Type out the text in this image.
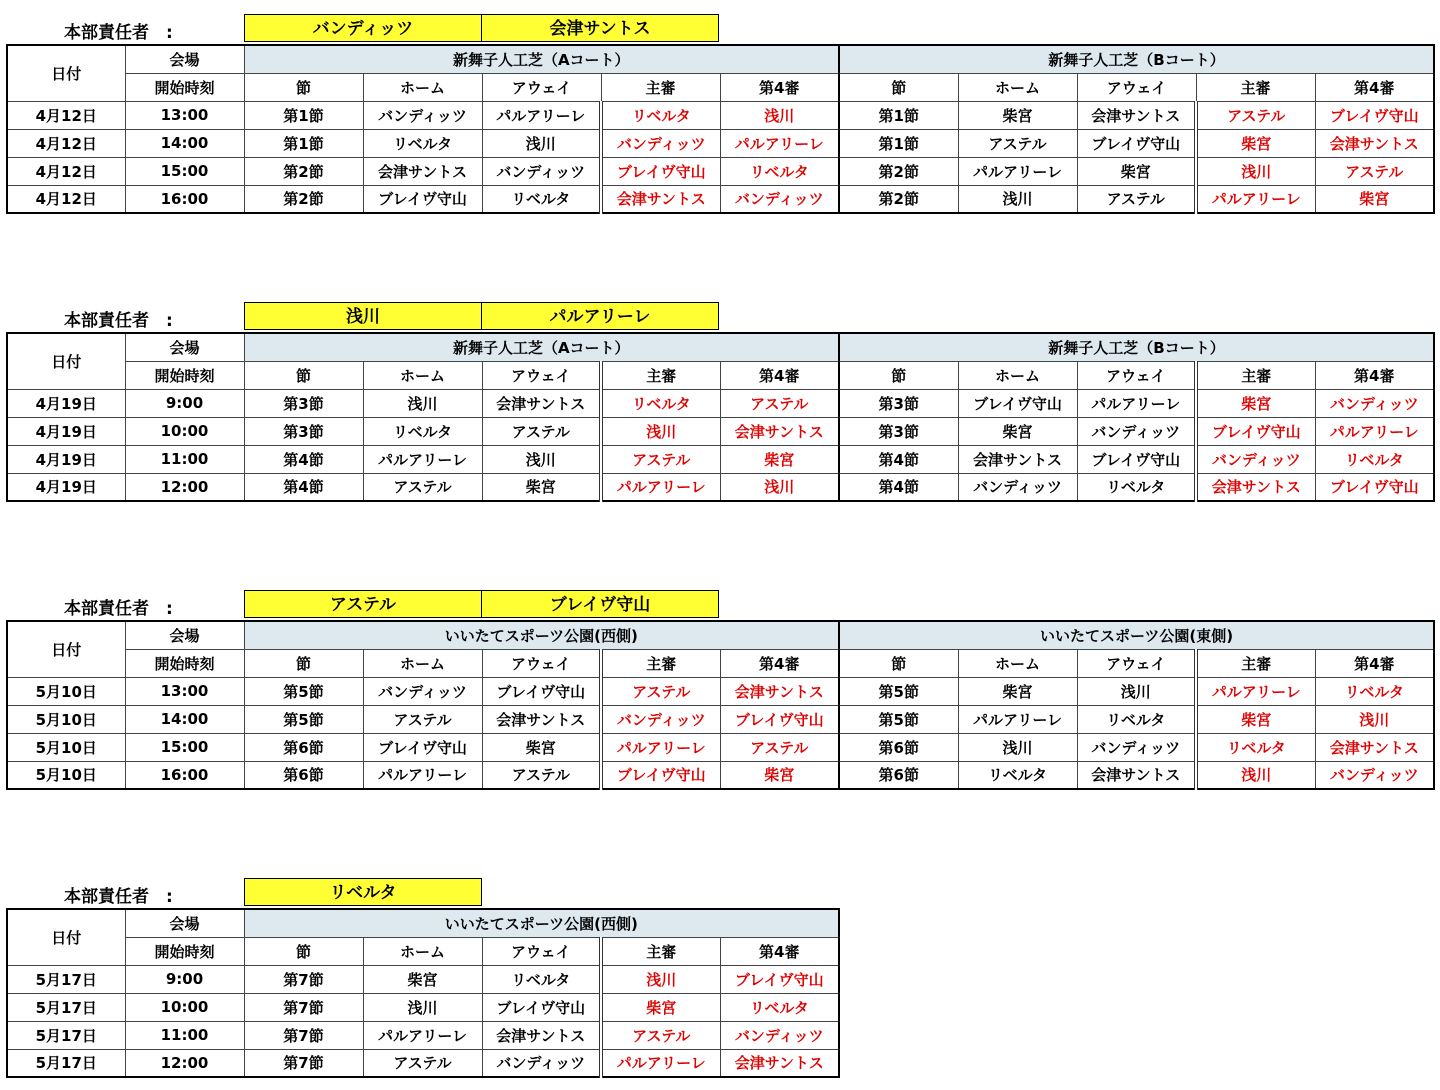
本部責任者　:	バンディッツ	会津サントス
日付	会場	新舞子人工芝（Aコート）					新舞子人工芝（Bコート）				
	開始時刻	節	ホーム	アウェイ	主審	第4審	節	ホーム	アウェイ	主審	第4審
4月12日	13:00	第1節	バンディッツ	パルアリーレ	リベルタ	浅川	第1節	柴宮	会津サントス	アステル	ブレイヴ守山
4月12日	14:00	第1節	リベルタ	浅川	バンディッツ	パルアリーレ	第1節	アステル	ブレイヴ守山	柴宮	会津サントス
4月12日	15:00	第2節	会津サントス	バンディッツ	ブレイヴ守山	リベルタ	第2節	パルアリーレ	柴宮	浅川	アステル
4月12日	16:00	第2節	ブレイヴ守山	リベルタ	会津サントス	バンディッツ	第2節	浅川	アステル	パルアリーレ	柴宮
本部責任者　:	浅川	パルアリーレ
日付	会場	新舞子人工芝（Aコート）					新舞子人工芝（Bコート）				
	開始時刻	節	ホーム	アウェイ	主審	第4審	節	ホーム	アウェイ	主審	第4審
4月19日	9:00	第3節	浅川	会津サントス	リベルタ	アステル	第3節	ブレイヴ守山	パルアリーレ	柴宮	バンディッツ
4月19日	10:00	第3節	リベルタ	アステル	浅川	会津サントス	第3節	柴宮	バンディッツ	ブレイヴ守山	パルアリーレ
4月19日	11:00	第4節	パルアリーレ	浅川	アステル	柴宮	第4節	会津サントス	ブレイヴ守山	バンディッツ	リベルタ
4月19日	12:00	第4節	アステル	柴宮	パルアリーレ	浅川	第4節	バンディッツ	リベルタ	会津サントス	ブレイヴ守山
本部責任者　:	アステル	ブレイヴ守山
日付	会場	いいたてスポーツ公園(西側)					いいたてスポーツ公園(東側)				
	開始時刻	節	ホーム	アウェイ	主審	第4審	節	ホーム	アウェイ	主審	第4審
5月10日	13:00	第5節	バンディッツ	ブレイヴ守山	アステル	会津サントス	第5節	柴宮	浅川	パルアリーレ	リベルタ
5月10日	14:00	第5節	アステル	会津サントス	バンディッツ	ブレイヴ守山	第5節	パルアリーレ	リベルタ	柴宮	浅川
5月10日	15:00	第6節	ブレイヴ守山	柴宮	パルアリーレ	アステル	第6節	浅川	バンディッツ	リベルタ	会津サントス
5月10日	16:00	第6節	パルアリーレ	アステル	ブレイヴ守山	柴宮	第6節	リベルタ	会津サントス	浅川	バンディッツ
本部責任者　:	リベルタ
日付	会場	いいたてスポーツ公園(西側)				
	開始時刻	節	ホーム	アウェイ	主審	第4審
5月17日	9:00	第7節	柴宮	リベルタ	浅川	ブレイヴ守山
5月17日	10:00	第7節	浅川	ブレイヴ守山	柴宮	リベルタ
5月17日	11:00	第7節	パルアリーレ	会津サントス	アステル	バンディッツ
5月17日	12:00	第7節	アステル	バンディッツ	パルアリーレ	会津サントス
